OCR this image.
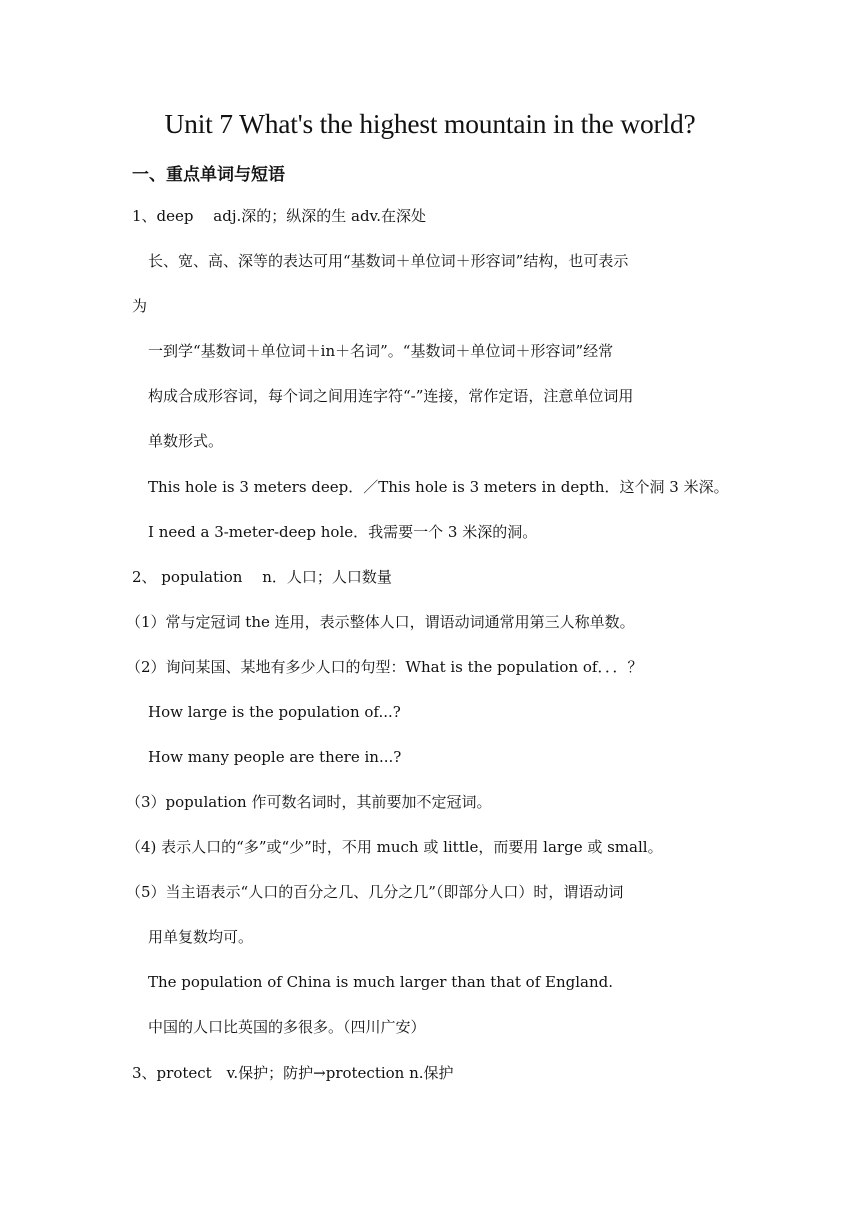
Unit 7 What's the highest mountain in the world?
一、重点单词与短语
1、deep　 adj.深的；纵深的生 adv.在深处
长、宽、高、深等的表达可用“基数词＋单位词＋形容词”结构，也可表示
为
一到学“基数词＋单位词＋in＋名词”。“基数词＋单位词＋形容词”经常
构成合成形容词，每个词之间用连字符“-”连接，常作定语，注意单位词用
单数形式。
This hole is 3 meters deep．／This hole is 3 meters in depth．这个洞 3 米深。
I need a 3-meter-deep hole．我需要一个 3 米深的洞。
2、 population　 n．人口；人口数量
（1）常与定冠词 the 连用，表示整体人口，谓语动词通常用第三人称单数。
（2）询问某国、某地有多少人口的句型：What is the population of．．．？
How large is the population of...?
How many people are there in...?
（3）population 作可数名词时，其前要加不定冠词。
（4) 表示人口的“多”或“少”时，不用 much 或 little，而要用 large 或 small。
（5）当主语表示“人口的百分之几、几分之几”（即部分人口）时，谓语动词
用单复数均可。
The population of China is much larger than that of England.
中国的人口比英国的多很多。（四川广安）
3、protect　v.保护；防护→protection n.保护
